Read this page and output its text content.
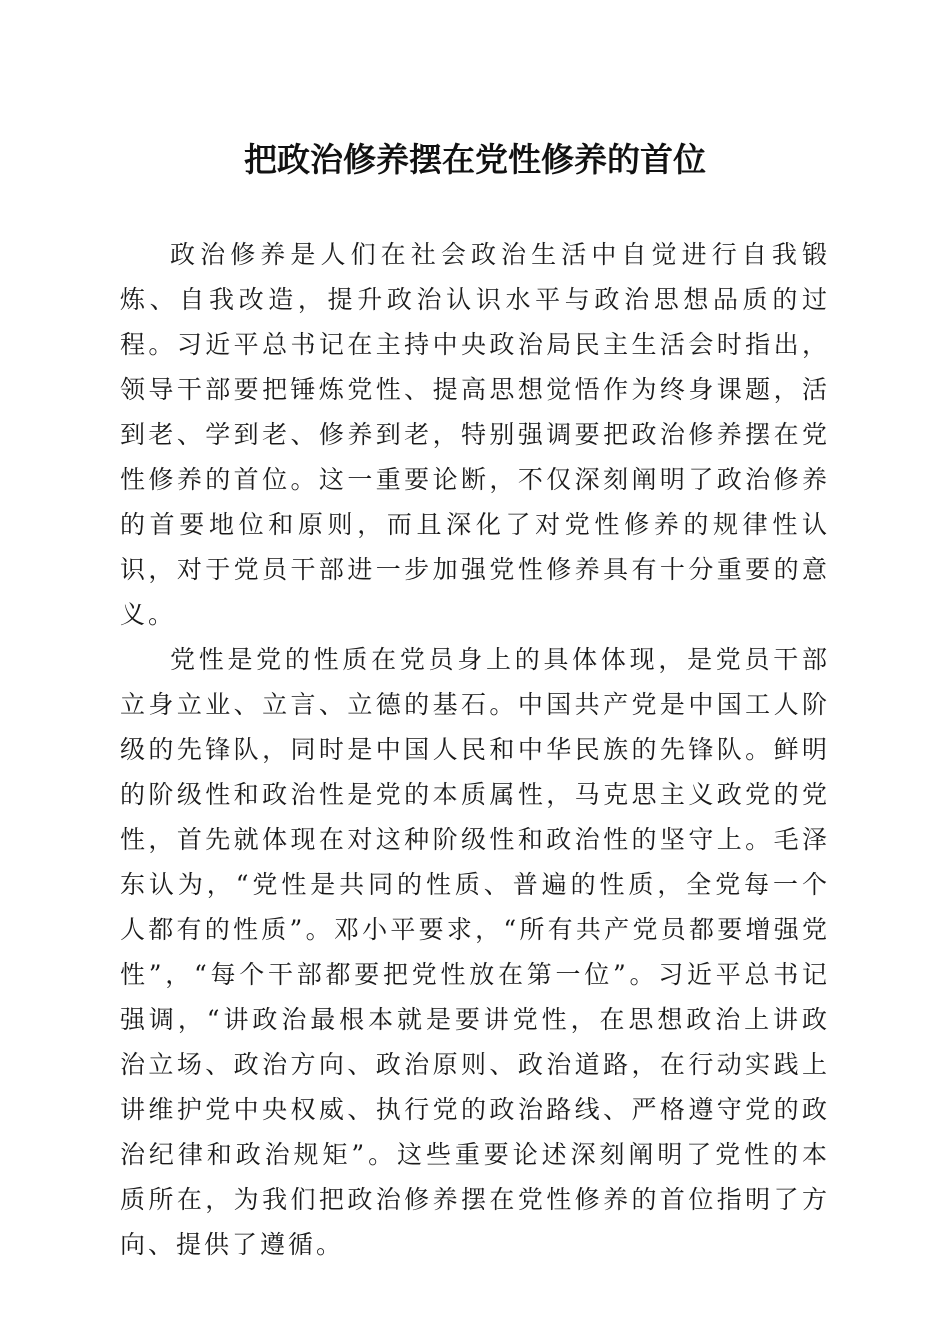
把政治修养摆在党性修养的首位

政治修养是人们在社会政治生活中自觉进行自我锻炼、自我改造，提升政治认识水平与政治思想品质的过程。习近平总书记在主持中央政治局民主生活会时指出，领导干部要把锤炼党性、提高思想觉悟作为终身课题，活到老、学到老、修养到老，特别强调要把政治修养摆在党性修养的首位。这一重要论断，不仅深刻阐明了政治修养的首要地位和原则，而且深化了对党性修养的规律性认识，对于党员干部进一步加强党性修养具有十分重要的意义。

党性是党的性质在党员身上的具体体现，是党员干部立身立业、立言、立德的基石。中国共产党是中国工人阶级的先锋队，同时是中国人民和中华民族的先锋队。鲜明的阶级性和政治性是党的本质属性，马克思主义政党的党性，首先就体现在对这种阶级性和政治性的坚守上。毛泽东认为，“党性是共同的性质、普遍的性质，全党每一个人都有的性质”。邓小平要求，“所有共产党员都要增强党性”，“每个干部都要把党性放在第一位”。习近平总书记强调，“讲政治最根本就是要讲党性，在思想政治上讲政治立场、政治方向、政治原则、政治道路，在行动实践上讲维护党中央权威、执行党的政治路线、严格遵守党的政治纪律和政治规矩”。这些重要论述深刻阐明了党性的本质所在，为我们把政治修养摆在党性修养的首位指明了方向、提供了遵循。
